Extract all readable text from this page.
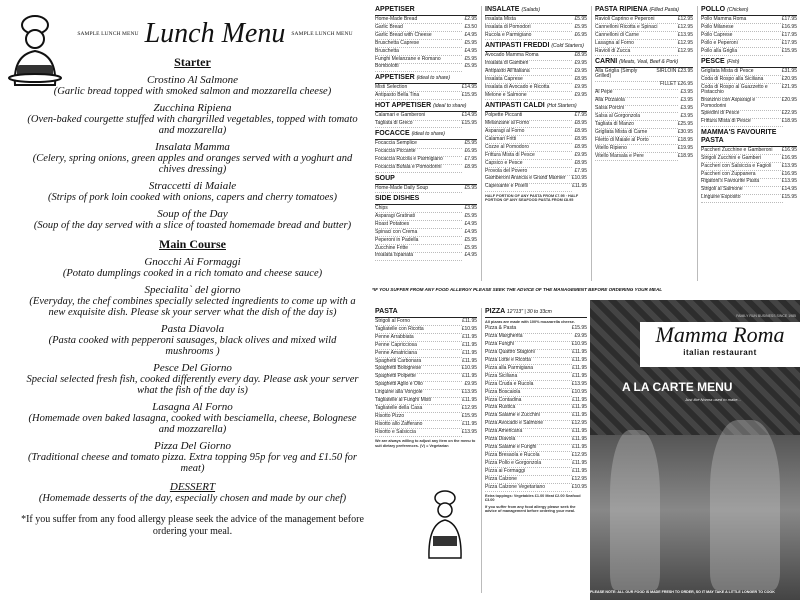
SAMPLE LUNCH MENU Lunch Menu SAMPLE LUNCH MENU
Starter
Crostino Al Salmone
(Garlic bread topped with smoked salmon and mozzarella cheese)
Zucchina Ripiena
(Oven-baked courgette stuffed with chargrilled vegetables, topped with tomato and mozzarella)
Insalata Mamma
(Celery, spring onions, green apples and oranges served with a yoghurt and chives dressing)
Straccetti di Maiale
(Strips of pork loin cooked with onions, capers and cherry tomatoes)
Soup of the Day
(Soup of the day served with a slice of toasted homemade bread and butter)
Main Course
Gnocchi Ai Formaggi
(Potato dumplings cooked in a rich tomato and cheese sauce)
Specialita` del giorno
(Everyday, the chef combines specially selected ingredients to come up with a new exquisite dish. Please sk your server what the dish of the day is)
Pasta Diavola
(Pasta cooked with pepperoni sausages, black olives and mixed wild mushrooms )
Pesce Del Giorno
Special selected fresh fish, cooked differently every day. Please ask your server what the fish of the day is)
Lasagna Al Forno
(Homemade oven baked lasagna, cooked with besciamella, cheese, Bolognese and mozzarella)
Pizza Del Giorno
(Traditional cheese and tomato pizza. Extra topping 95p for veg and £1.50 for meat)
DESSERT
(Homemade desserts of the day, especially chosen and made by our chef)
*If you suffer from any food allergy please seek the advice of the management before ordering your meal.
APPETISER
Home-Made Bread	£2.95
Garlic Bread	£3.50
Garlic Bread with Cheese	£4.95
Bruschetta Caprese	£5.95
Bruschetta	£4.95
Funghi Melanzane e Romano	£5.95
Bombolotti	£5.95
APPETISER (ideal to share)
Misti Selection	£14.95
Antipasto Bella Tina	£15.95
HOT APPETISER (ideal to share)
Calamari e Gamberoni	£14.95
Tagliata di Greco	£15.95
FOCACCE (ideal to share)
Focaccia Semplice	£5.95
Focaccia Piccante	£6.95
Focaccia Rucola e Parmigiano	£7.95
Focaccia Bufala e Pomodorini	£8.95
SOUP
Home-Made Daily Soup	£5.95
SIDE DISHES
Chips	£3.95
Asparagi Gratinati	£5.95
Roast Potatoes	£4.95
Spinaci con Crema	£4.95
Peperoni in Padella	£5.95
Zucchine Fritte	£5.95
Insalata Ispanata	£4.95
INSALATE (Salads)
Insalata Mista	£5.95
Insalata di Pomodori	£5.95
Rucola e Parmigiano	£6.95
ANTIPASTI FREDDI (Cold Starters)
Avocado Mamma Roma	£8.95
Insalata di Gamberi	£9.95
Antipasto All'Italiana	£9.95
Insalata Caprese	£8.95
Insalata di Avocado e Ricotta	£9.95
Melone e Salmone	£9.95
ANTIPASTI CALDI (Hot Starters)
Polpette Piccanti	£7.95
Melanzane al Forno	£8.95
Asparagi al Forno	£8.95
Calamari Fritti	£8.95
Cozze al Pomodoro	£8.95
Frittura Mista di Pesce	£9.95
Capsico e Pesce	£8.95
Provola del Povero	£7.95
Gamberoni Arancia e Grand Marnier £10.95
Capesante e Piselli	£11.95
HALF PORTION OF ANY PASTA FROM £7.95 · HALF PORTION OF ANY SEAFOOD PASTA FROM £8.95
PASTA RIPIENA (Filled Pasta)
Ravioli Caprino e Peperoni	£12.95
Cannelloni Ricotta e Spinaci	£12.95
Cannelloni di Carne	£13.95
Lasagna al Forno	£12.95
Ravioli di Zucca	£12.95
CARNI (Meats, Veal, Beef & Pork)
Alla Griglia (Simply Grilled)
SIRLOIN £23.95
FILLET £26.95
Al Pepe	£3.95
Alla Pizzaiola	£3.95
Salsa Porcini	£3.95
Salsa al Gorgonzola	£3.95
Tagliata di Manzo	£25.95
Grigliata Mista di Carne	£30.95
Filetto di Maiale al Porto	£18.95
Vitello Ripieno	£19.95
Vitello Marsala e Pere	£18.95
POLLO (Chicken)
Pollo Mamma Roma	£17.95
Pollo Milanese	£16.95
Pollo Caprese	£17.95
Pollo e Peperoni	£17.95
Pollo alla Griglia	£15.95
PESCE (Fish)
Grigliata Mista di Pesce	£31.95
Coda di Rospo alla Siciliana	£20.95
Coda di Rospo al Guazzetto e Pistacchio
£21.95
Branzino con Asparagi e Pomodorini
£20.95
Spiedini di Pesce	£22.95
Frittura Mista di Pesce	£18.95
MAMMA'S FAVOURITE PASTA
Paccheri Zucchine e Gamberoni £16.95
Strigoli Zucchini e Gamberi	£16.95
Paccheri con Salsiccia e Fagioli £13.95
Paccheri con Zuppanera	£16.95
Rigatoni's Favourite Pasta	£13.95
Strigoli al Salmone	£14.95
Linguine Esposito	£15.95
*IF YOU SUFFER FROM ANY FOOD ALLERGY PLEASE SEEK THE ADVICE OF THE MANAGEMENT BEFORE ORDERING YOUR MEAL
PASTA
Strigoli al Forno	£11.95
Tagliatelle con Ricotta	£10.95
Penne Arrabbiata	£11.95
Penne Capricciosa	£11.95
Penne Amatriciana	£11.95
Spaghetti Carbonara	£11.95
Spaghetti Bolognese	£10.95
Spaghetti Polpette	£11.95
Spaghetti Aglio e Olio	£9.95
Linguine alla Vongole	£13.95
Tagliatelle al Funghi Misti	£11.95
Tagliatelle della Casa	£12.95
Risotto Pizzo	£15.95
Risotto allo Zafferano	£11.95
Risotto e Salsiccia	£13.95
We are always willing to adjust any item on the menu to suit dietary preferences. (V) = Vegetarian
PIZZA 12"/13" | 30 to 33cm
All pizzas are made with 100% mozzarella cheese.
Pizza & Pasta	£15.95
Pizza Margherita	£9.95
Pizza Funghi	£10.95
Pizza Quattro Stagioni	£11.95
Pizza Lotte e Ricotta	£11.95
Pizza alla Parmigiana	£11.95
Pizza Siciliana	£11.95
Pizza Cruda e Rucola	£13.95
Pizza Boscaiola	£10.95
Pizza Contadina	£11.95
Pizza Rustica	£11.95
Pizza Salame e Zucchini	£11.95
Pizza Avocado e Salmone	£12.95
Pizza Americana	£11.95
Pizza Diavola	£11.95
Pizza Salame e Funghi	£11.95
Pizza Bresaola e Rucola	£12.95
Pizza Pollo e Gorgonzola	£11.95
Pizza ai Formaggi	£11.95
Pizza Calzone	£12.95
Pizza Calzone Vegetariano	£10.95
Extra toppings: Vegetables £1.00 Meat £2.00 Seafood £3.00
If you suffer from any food allergy please seek the advice of management before ordering your meal.
Mamma Roma
italian restaurant
FAMILY RUN BUSINESS SINCE 1985
A LA CARTE MENU
Just like Nonna used to make...
PLEASE NOTE: ALL OUR FOOD IS MADE FRESH TO ORDER, SO IT MAY TAKE A LITTLE LONGER TO COOK
